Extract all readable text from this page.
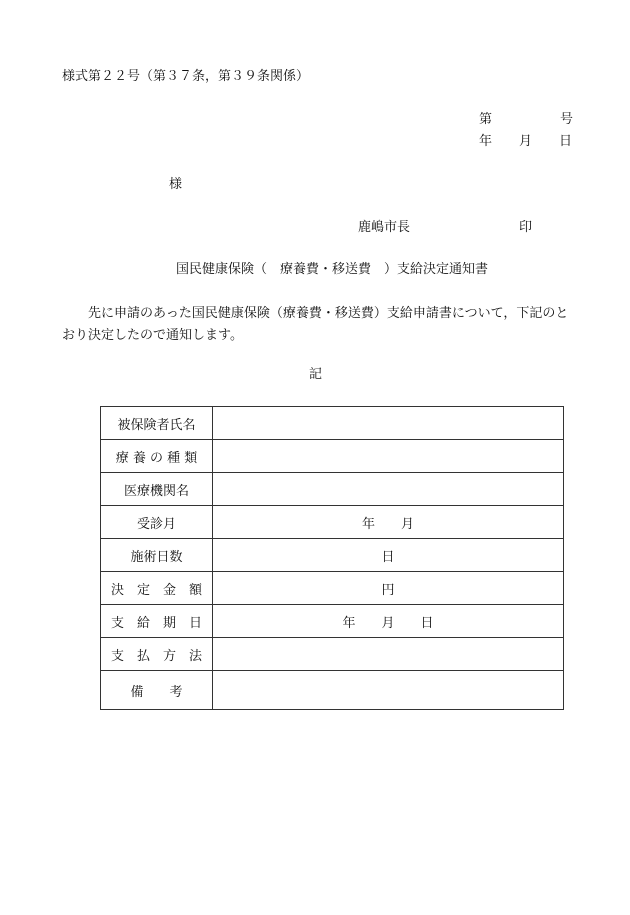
様式第２２号（第３７条，第３９条関係）
第	号
年 月 日
様
鹿嶋市長	印
国民健康保険（　療養費・移送費　）支給決定通知書
先に申請のあった国民健康保険（療養費・移送費）支給申請書について，下記のとおり決定したので通知します。
記
被保険者氏名	
療 養 の 種 類	
医療機関名	
受診月	年　　月
施術日数	日
決　定　金　額	円
支　給　期　日	年　　月　　日
支　払　方　法	
備　　考	
